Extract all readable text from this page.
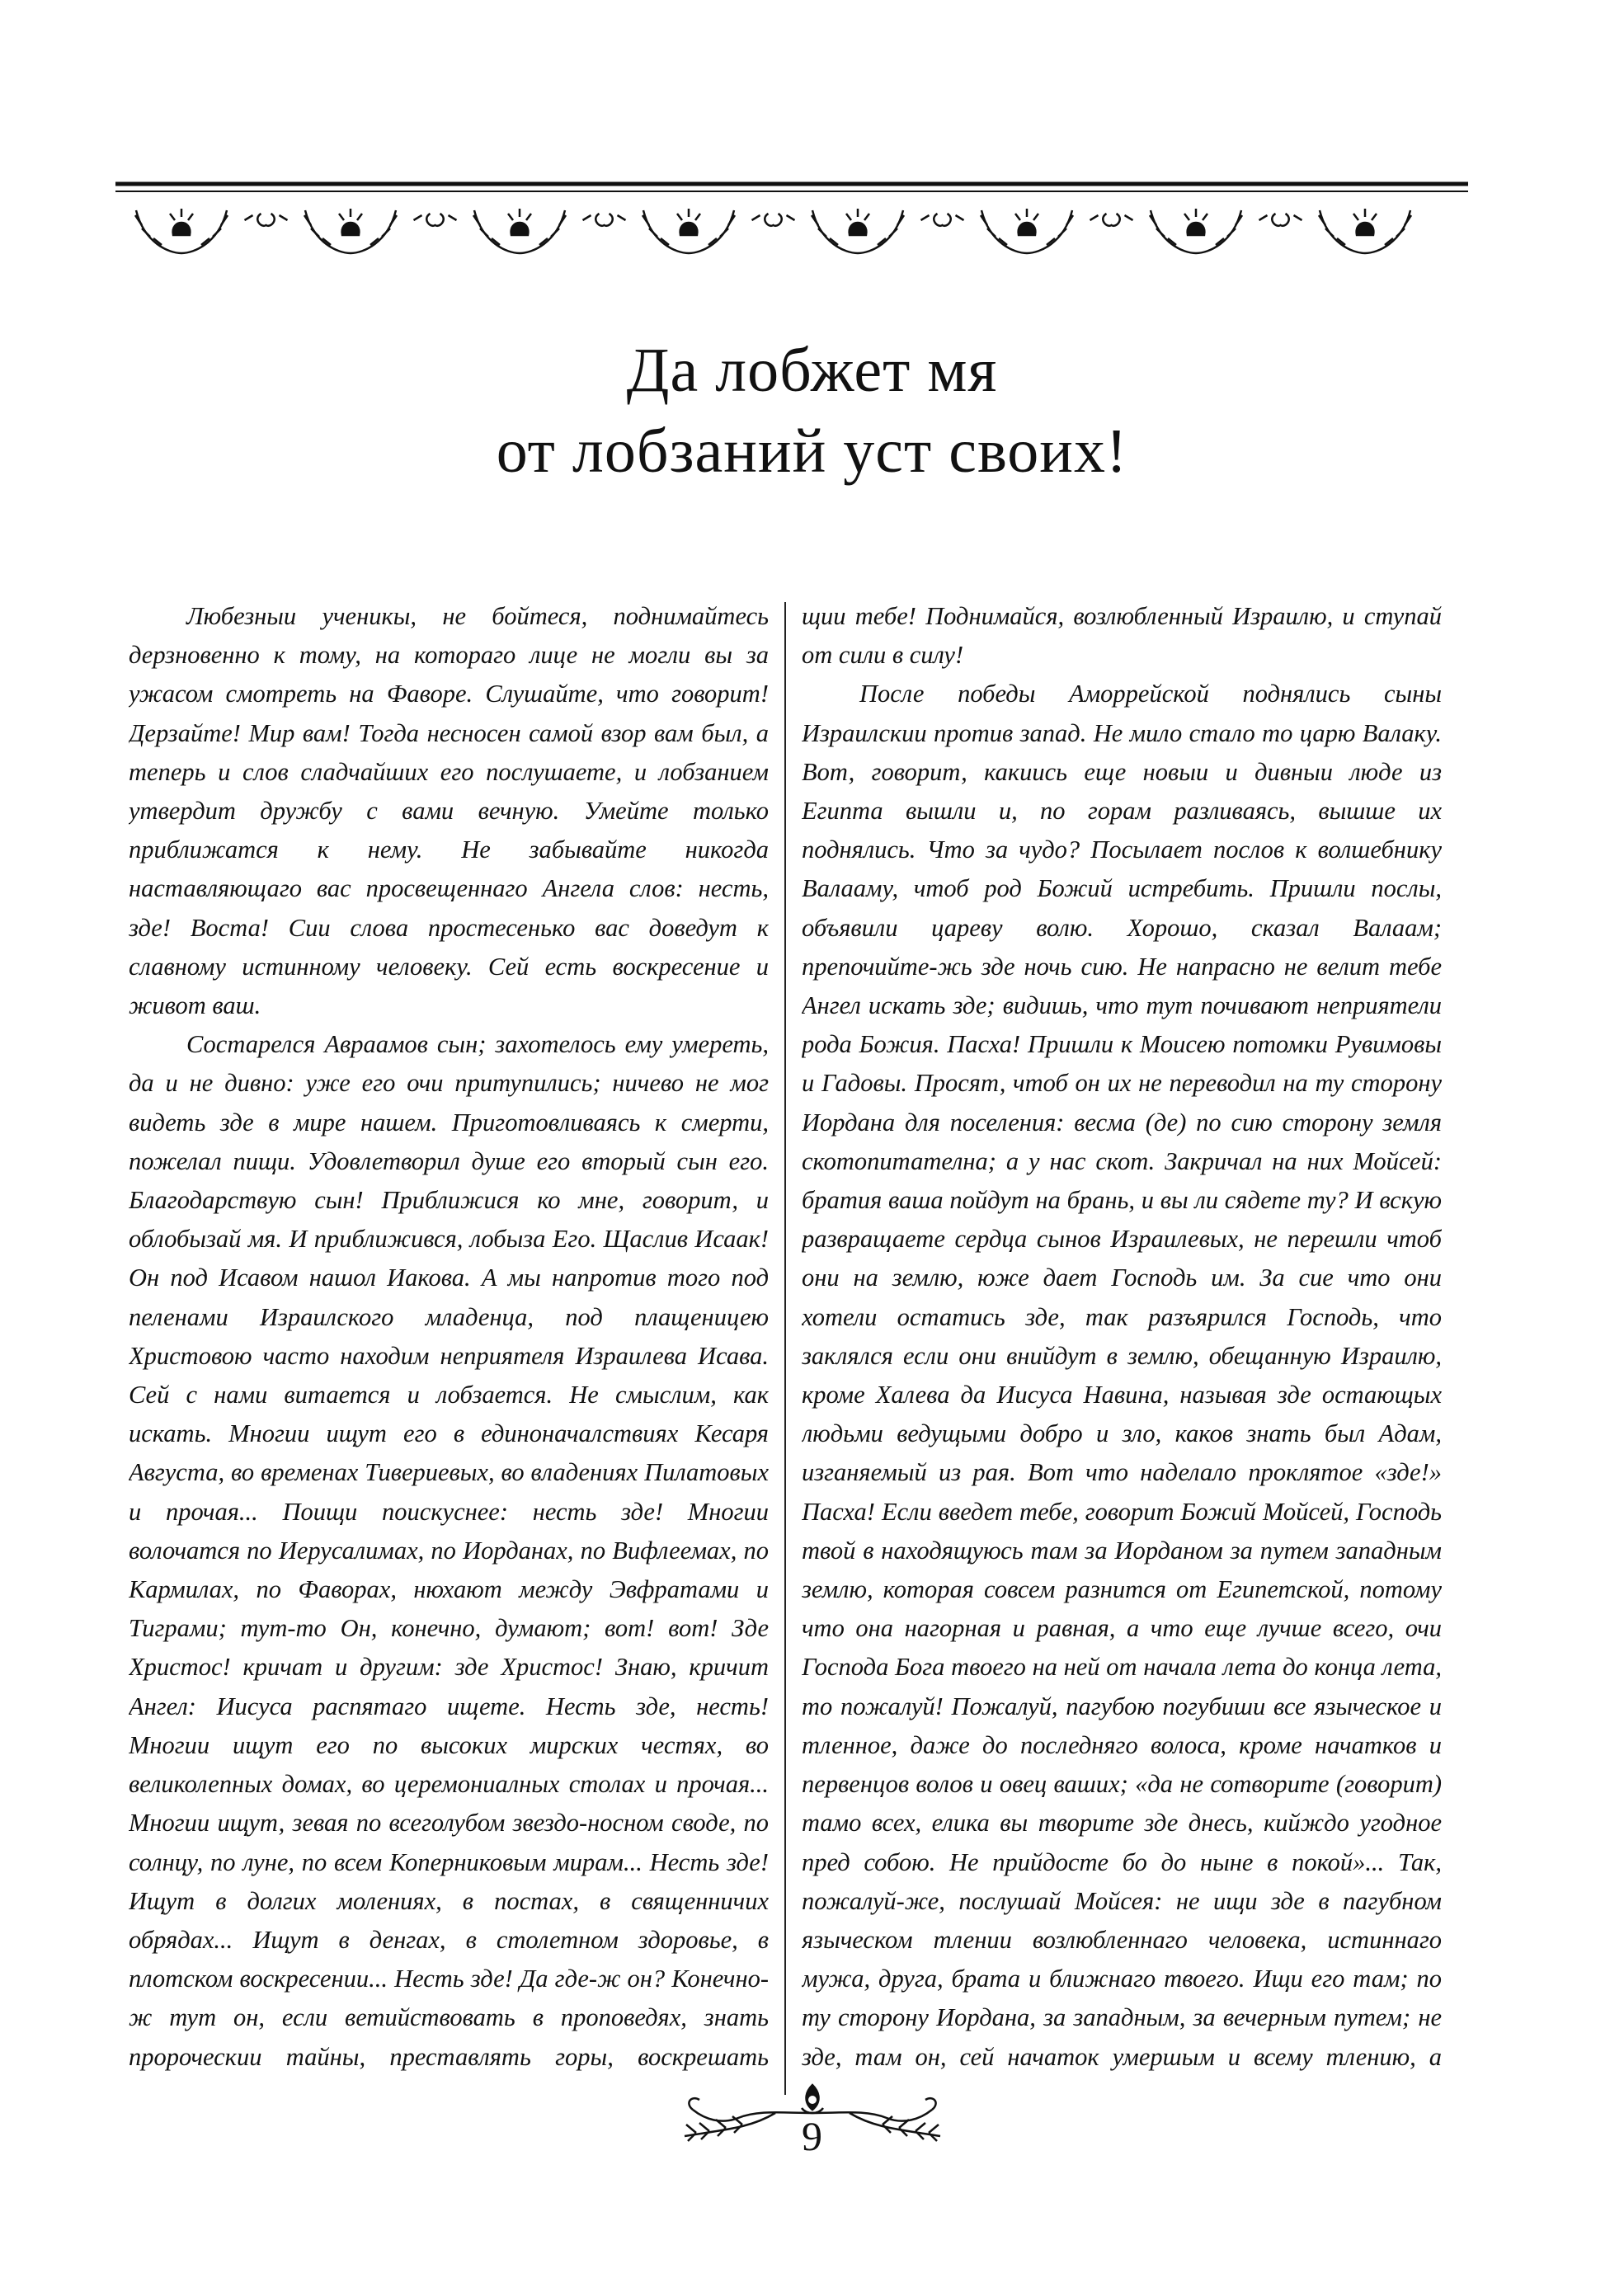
Да лобжет мя
от лобзаний уст своих!

Любезныи ученикы, не бойтеся, поднимайтесь дерзновенно к тому, на котораго лице не могли вы за ужасом смотреть на Фаворе. Слушайте, что говорит! Дерзайте! Мир вам! Тогда несносен самой взор вам был, а теперь и слов сладчайших его послушаете, и лобзанием утвердит дружбу с вами вечную. Умейте только приближатся к нему. Не забывайте никогда наставляющаго вас просвещеннаго Ангела слов: несть, зде! Воста! Сии слова простесенько вас доведут к славному истинному человеку. Сей есть воскресение и живот ваш.

Состарелся Авраамов сын; захотелось ему умереть, да и не дивно: уже его очи притупились; ничево не мог видеть зде в мире нашем. Приготовливаясь к смерти, пожелал пищи. Удовлетворил душе его вторый сын его. Благодарствую сын! Приближися ко мне, говорит, и облобызай мя. И приближився, лобыза Его. Щаслив Исаак! Он под Исавом нашол Иакова. А мы напротив того под пеленами Израилского младенца, под плащеницею Христовою часто находим неприятеля Израилева Исава. Сей с нами витается и лобзается. Не смыслим, как искать. Многии ищут его в единоначалствиях Кесаря Августа, во временах Тивериевых, во владениях Пилатовых и прочая... Поищи поискуснее: несть зде! Многии волочатся по Иерусалимах, по Иорданах, по Вифлеемах, по Кармилах, по Фаворах, нюхают между Эвфратами и Тиграми; тут-то Он, конечно, думают; вот! вот! Зде Христос! кричат и другим: зде Христос! Знаю, кричит Ангел: Иисуса распятаго ищете. Несть зде, несть! Многии ищут его по высоких мирских честях, во великолепных домах, во церемониалных столах и прочая... Многии ищут, зевая по всеголубом звездо-носном своде, по солнцу, по луне, по всем Коперниковым мирам... Несть зде! Ищут в долгих молениях, в постах, в священничих обрядах... Ищут в денгах, в столетном здоровье, в плотском воскресении... Несть зде! Да где-ж он? Конечно-ж тут он, если ветийствовать в проповедях, знать пророческии тайны, преставлять горы, воскрешать

щии тебе! Поднимайся, возлюбленный Израилю, и ступай от сили в силу!

После победы Аморрейской поднялись сыны Израилскии против запад. Не мило стало то царю Валаку. Вот, говорит, какиись еще новыи и дивныи люде из Египта вышли и, по горам разливаясь, вышше их поднялись. Что за чудо? Посылает послов к волшебнику Валааму, чтоб род Божий истребить. Пришли послы, объявили цареву волю. Хорошо, сказал Валаам; препочийте-жь зде ночь сию. Не напрасно не велит тебе Ангел искать зде; видишь, что тут почивают неприятели рода Божия. Пасха! Пришли к Моисею потомки Рувимовы и Гадовы. Просят, чтоб он их не переводил на ту сторону Иордана для поселения: весма (де) по сию сторону земля скотопитателна; а у нас скот. Закричал на них Мойсей: братия ваша пойдут на брань, и вы ли сядете ту? И вскую развращаете сердца сынов Израилевых, не перешли чтоб они на землю, юже дает Господь им. За сие что они хотели остатись зде, так разъярился Господь, что заклялся если они внийдут в землю, обещанную Израилю, кроме Халева да Иисуса Навина, называя зде остающых людьми ведущыми добро и зло, каков знать был Адам, изганяемый из рая. Вот что наделало проклятое «зде!» Пасха! Если введет тебе, говорит Божий Мойсей, Господь твой в находящуюсь там за Иорданом за путем западным землю, которая совсем разнится от Египетской, потому что она нагорная и равная, а что еще лучше всего, очи Господа Бога твоего на ней от начала лета до конца лета, то пожалуй! Пожалуй, пагубою погубиши все языческое и тленное, даже до последняго волоса, кроме начатков и первенцов волов и овец ваших; «да не сотворите (говорит) тамо всех, елика вы творите зде днесь, кийждо угодное пред собою. Не прийдосте бо до ныне в покой»... Так, пожалуй-же, послушай Мойсея: не ищи зде в пагубном языческом тлении возлюбленнаго человека, истиннаго мужа, друга, брата и ближнаго твоего. Ищи его там; по ту сторону Иордана, за западным, за вечерным путем; не зде, там он, сей начаток умершым и всему тлению, а

9
